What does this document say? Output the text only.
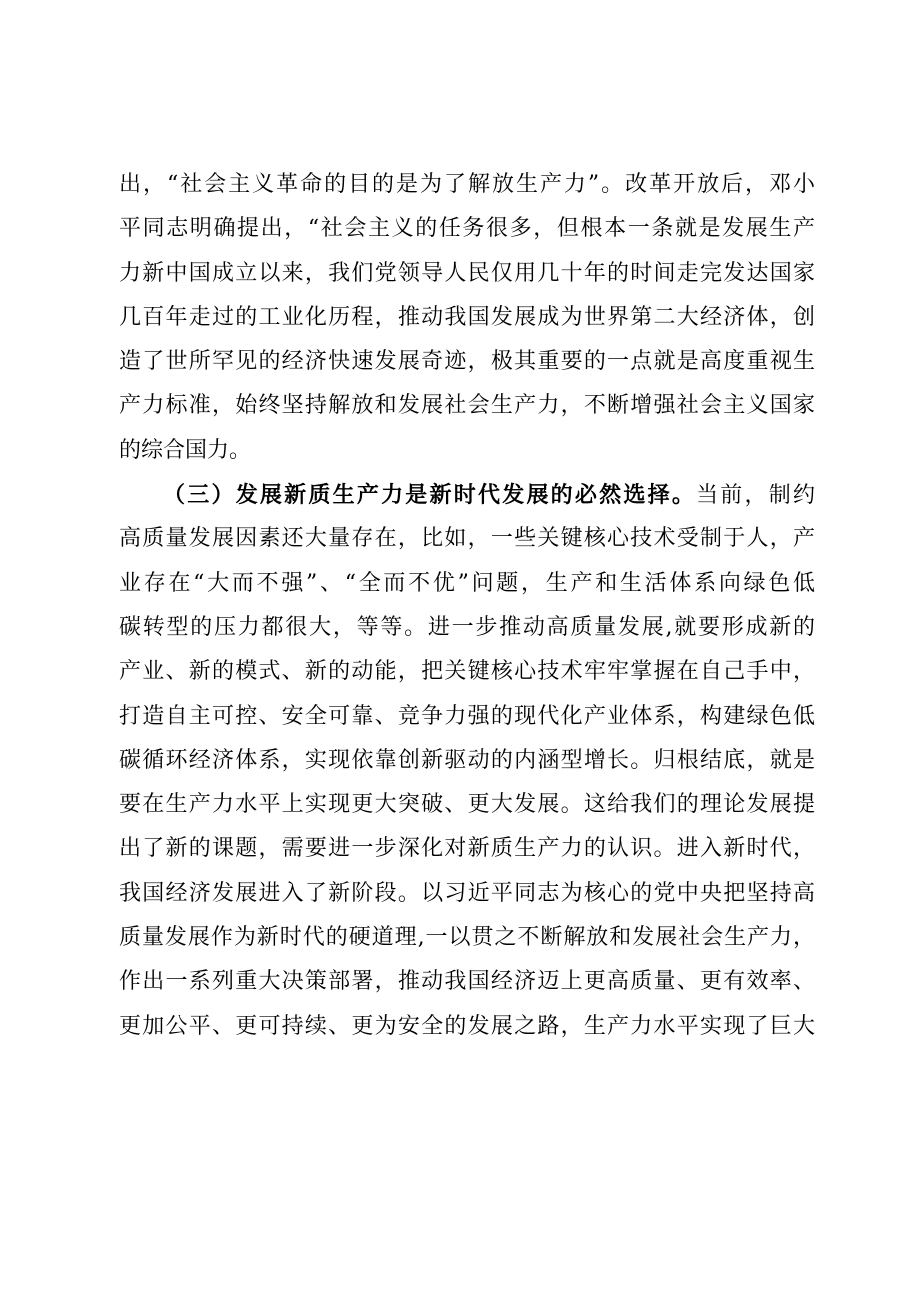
出，“社会主义革命的目的是为了解放生产力”。改革开放后，邓小
平同志明确提出，“社会主义的任务很多，但根本一条就是发展生产
力新中国成立以来，我们党领导人民仅用几十年的时间走完发达国家
几百年走过的工业化历程，推动我国发展成为世界第二大经济体，创
造了世所罕见的经济快速发展奇迹，极其重要的一点就是高度重视生
产力标准，始终坚持解放和发展社会生产力，不断增强社会主义国家
的综合国力。
（三）发展新质生产力是新时代发展的必然选择。当前，制约
高质量发展因素还大量存在，比如，一些关键核心技术受制于人，产
业存在“大而不强”、“全而不优”问题，生产和生活体系向绿色低
碳转型的压力都很大，等等。进一步推动高质量发展,就要形成新的
产业、新的模式、新的动能，把关键核心技术牢牢掌握在自己手中，
打造自主可控、安全可靠、竞争力强的现代化产业体系，构建绿色低
碳循环经济体系，实现依靠创新驱动的内涵型增长。归根结底，就是
要在生产力水平上实现更大突破、更大发展。这给我们的理论发展提
出了新的课题，需要进一步深化对新质生产力的认识。进入新时代，
我国经济发展进入了新阶段。以习近平同志为核心的党中央把坚持高
质量发展作为新时代的硬道理,一以贯之不断解放和发展社会生产力，
作出一系列重大决策部署，推动我国经济迈上更高质量、更有效率、
更加公平、更可持续、更为安全的发展之路，生产力水平实现了巨大
